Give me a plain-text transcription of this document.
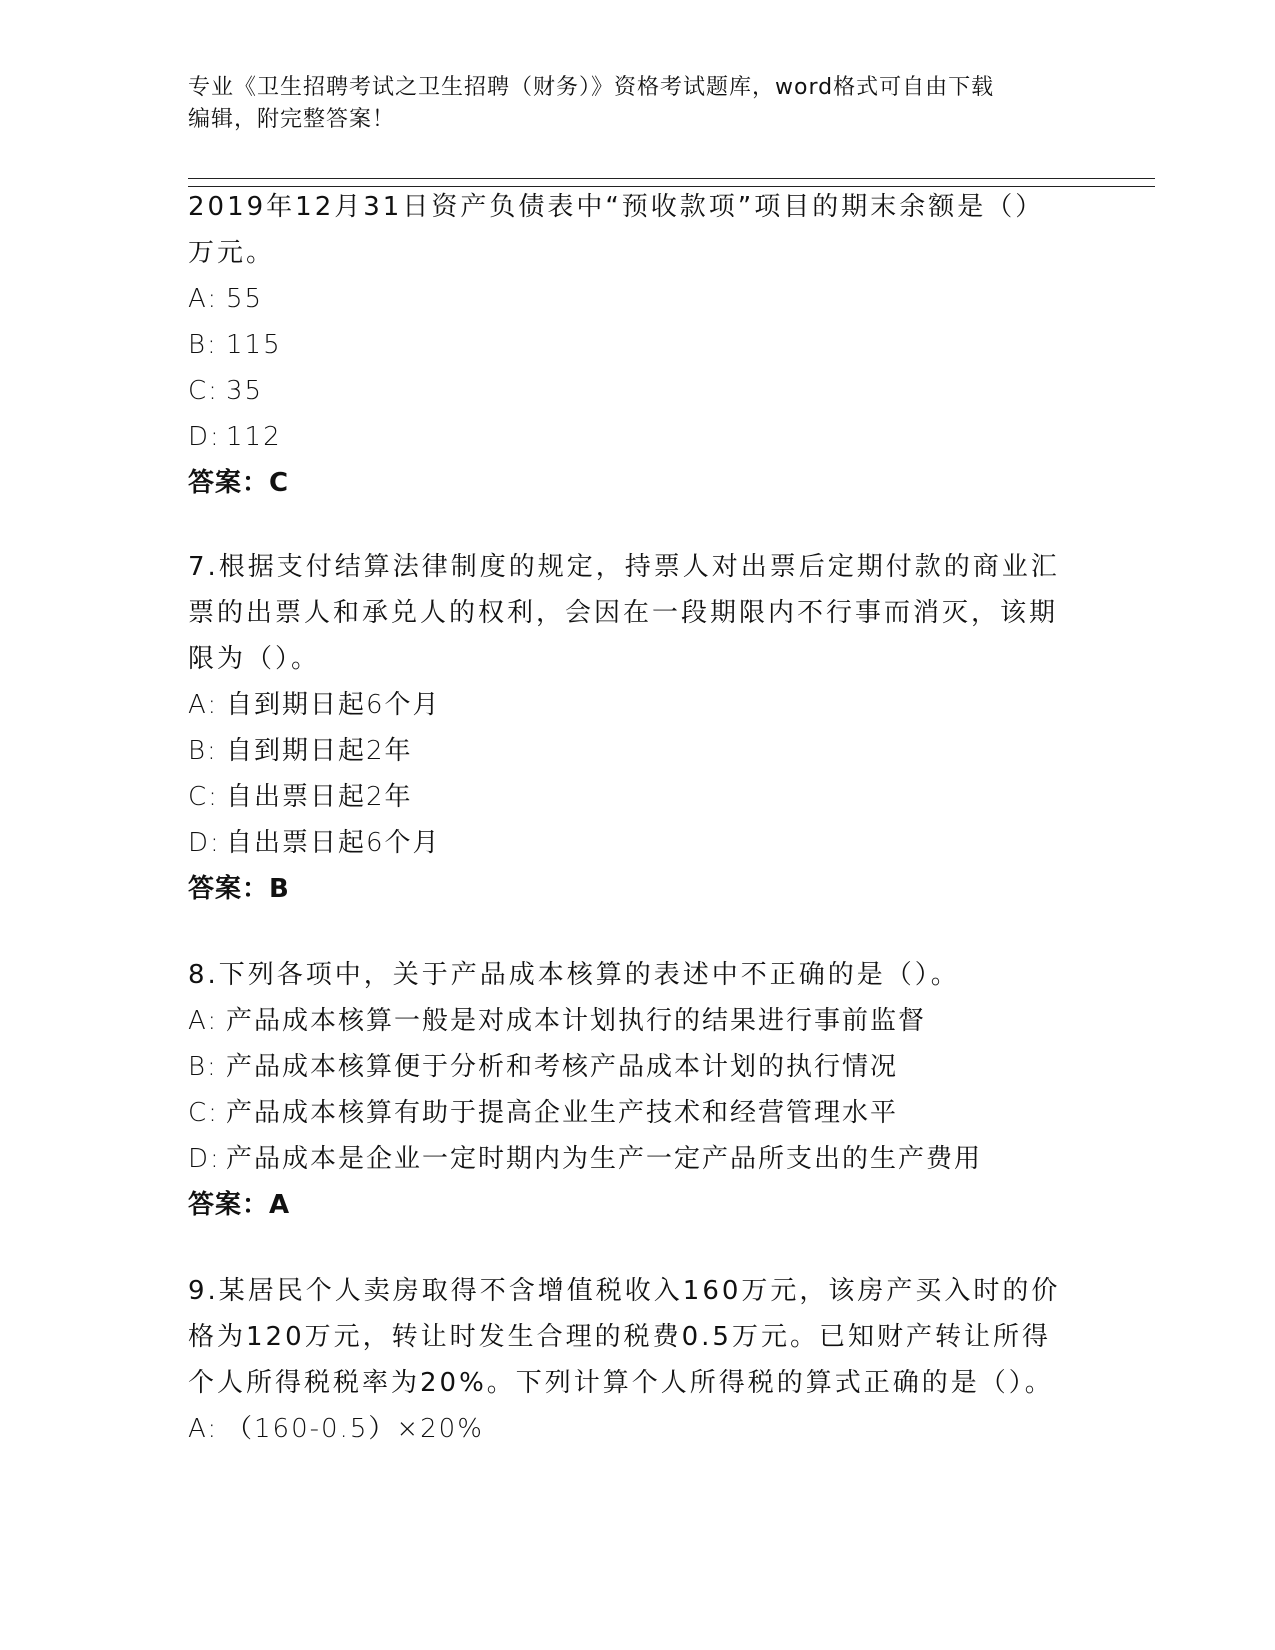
专业《卫生招聘考试之卫生招聘（财务）》资格考试题库，word格式可自由下载
编辑，附完整答案！
2019年12月31日资产负债表中“预收款项”项目的期末余额是（）
万元。
A: 55
B: 115
C: 35
D: 112
答案：C
7.根据支付结算法律制度的规定，持票人对出票后定期付款的商业汇
票的出票人和承兑人的权利，会因在一段期限内不行事而消灭，该期
限为（）。
A: 自到期日起6个月
B: 自到期日起2年
C: 自出票日起2年
D: 自出票日起6个月
答案：B
8.下列各项中，关于产品成本核算的表述中不正确的是（）。
A: 产品成本核算一般是对成本计划执行的结果进行事前监督
B: 产品成本核算便于分析和考核产品成本计划的执行情况
C: 产品成本核算有助于提高企业生产技术和经营管理水平
D: 产品成本是企业一定时期内为生产一定产品所支出的生产费用
答案：A
9.某居民个人卖房取得不含增值税收入160万元，该房产买入时的价
格为120万元，转让时发生合理的税费0.5万元。已知财产转让所得
个人所得税税率为20%。下列计算个人所得税的算式正确的是（）。
A: （160-0.5）×20%
